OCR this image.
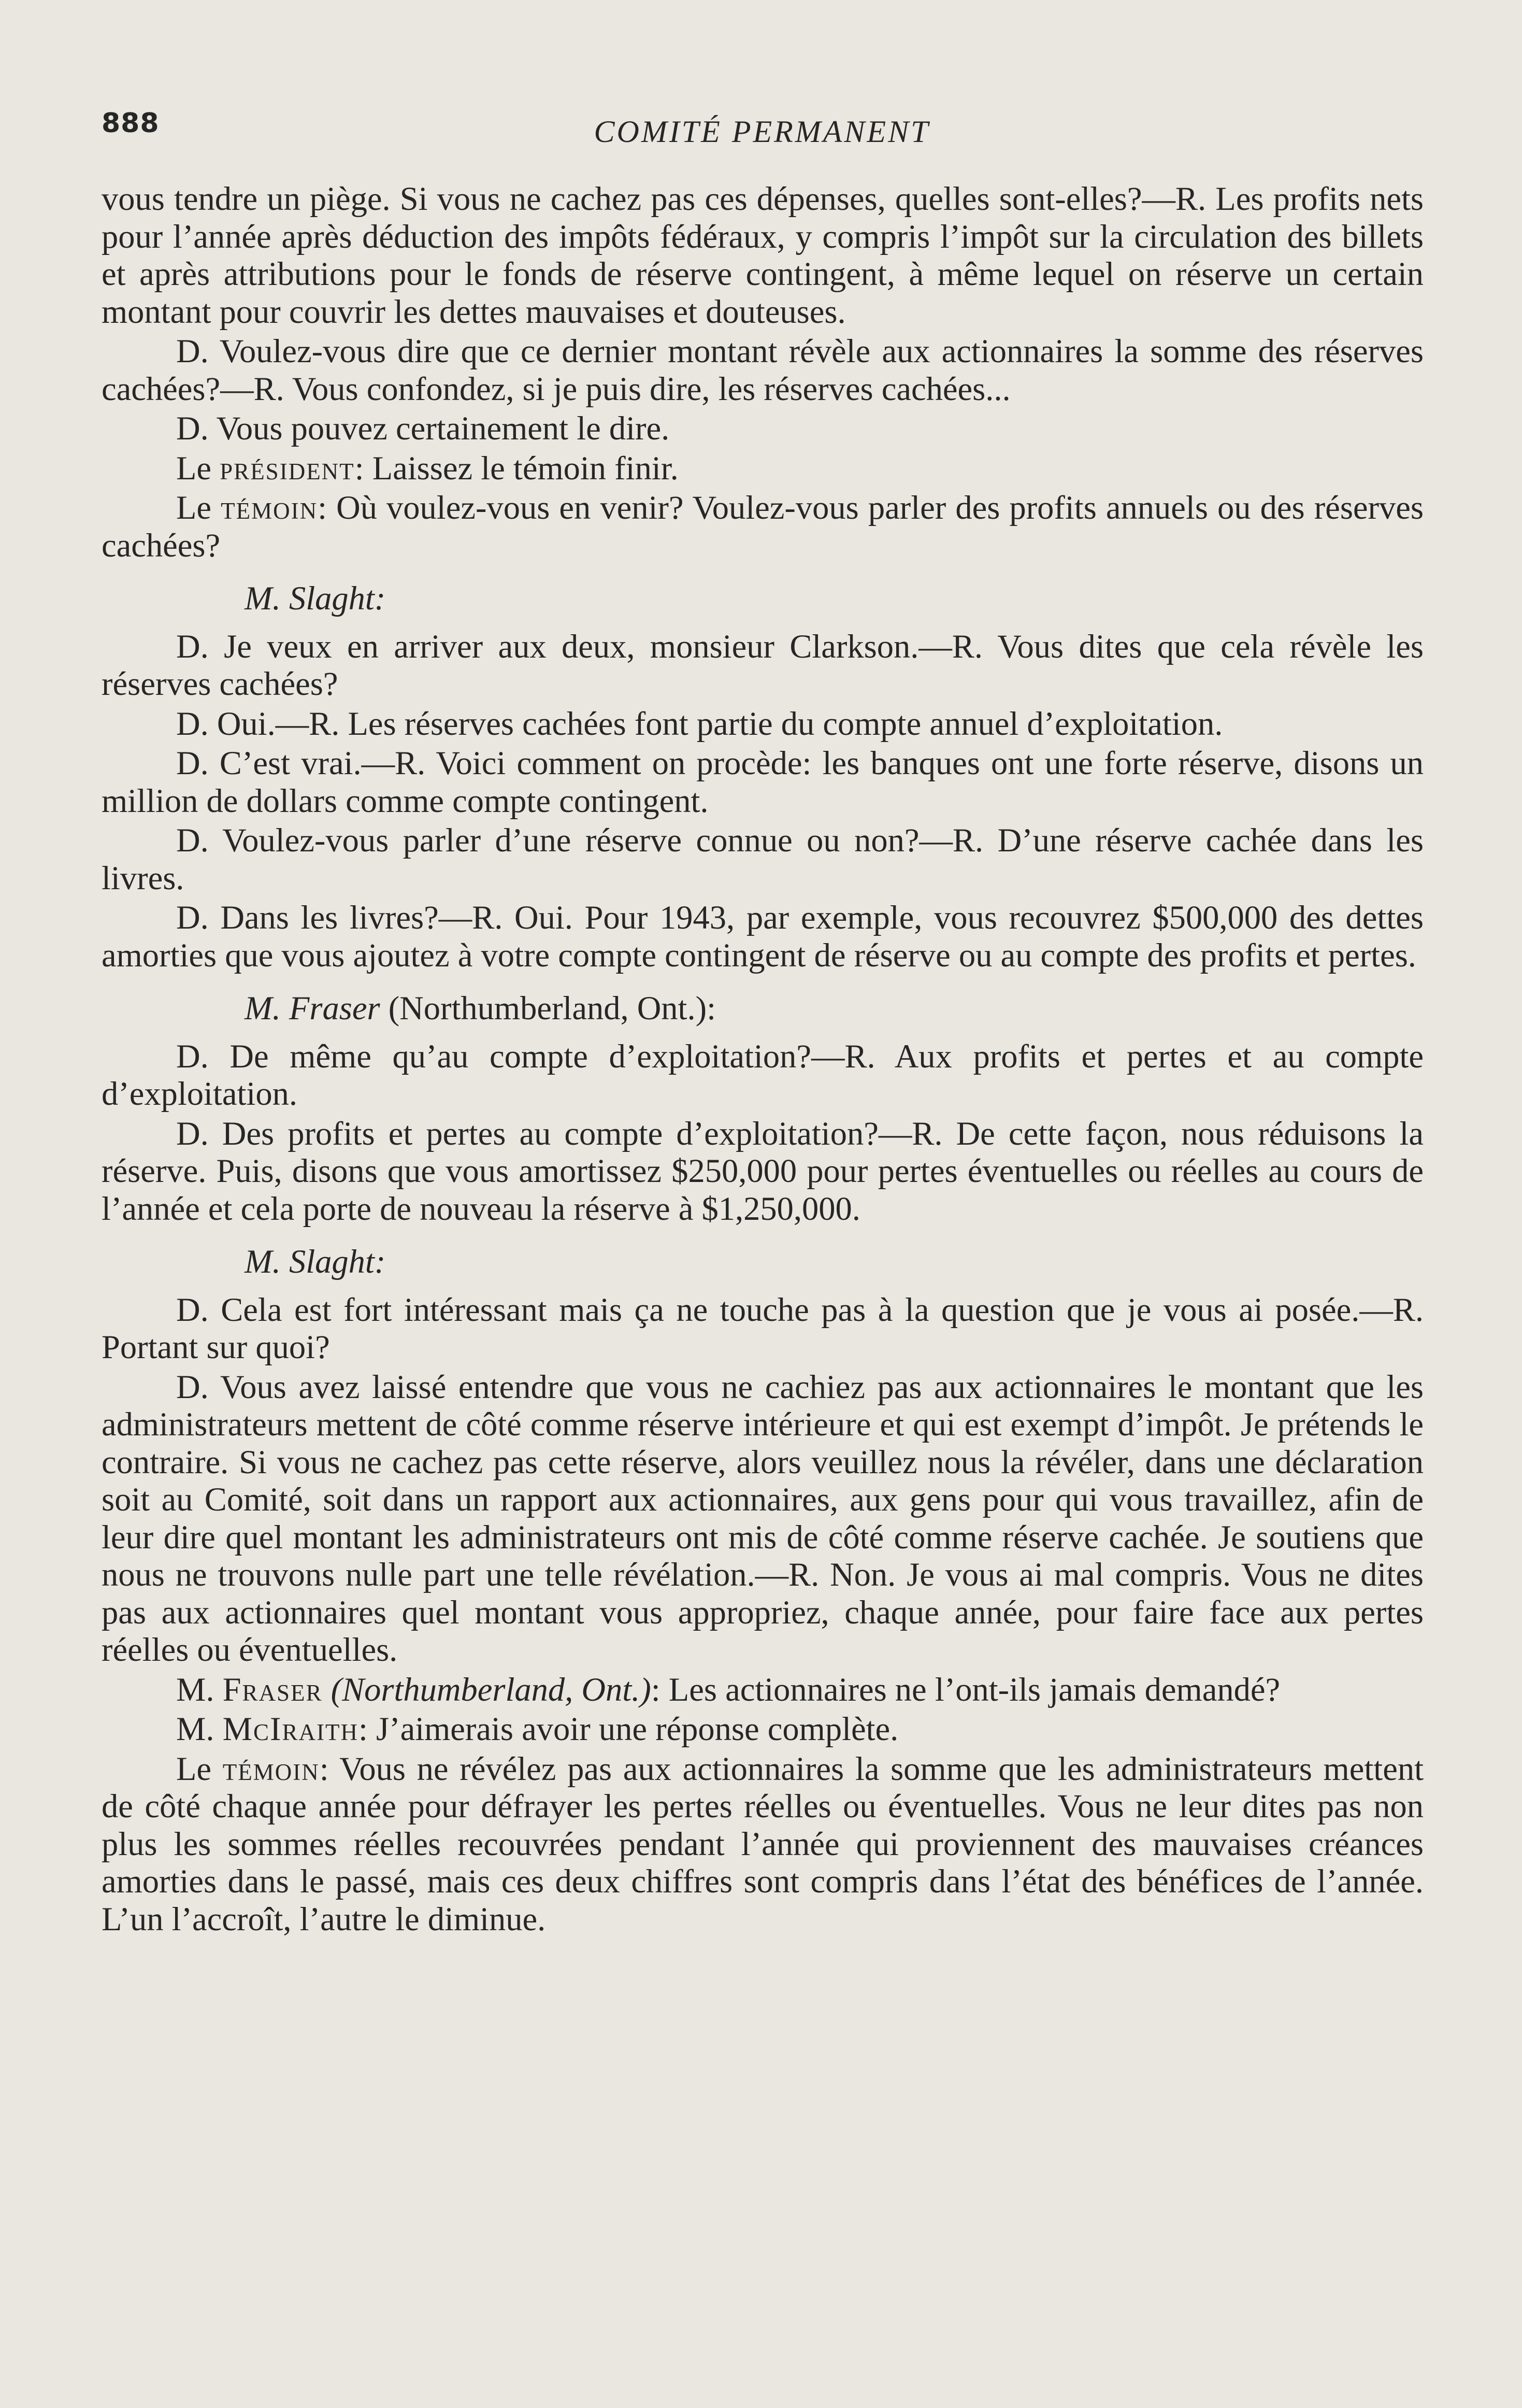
888	COMITÉ PERMANENT

vous tendre un piège. Si vous ne cachez pas ces dépenses, quelles sont-elles?—R. Les profits nets pour l’année après déduction des impôts fédéraux, y compris l’impôt sur la circulation des billets et après attributions pour le fonds de réserve contingent, à même lequel on réserve un certain montant pour couvrir les dettes mauvaises et douteuses.

D. Voulez-vous dire que ce dernier montant révèle aux actionnaires la somme des réserves cachées?—R. Vous confondez, si je puis dire, les réserves cachées...

D. Vous pouvez certainement le dire.

Le président: Laissez le témoin finir.

Le témoin: Où voulez-vous en venir? Voulez-vous parler des profits annuels ou des réserves cachées?

M. Slaght:

D. Je veux en arriver aux deux, monsieur Clarkson.—R. Vous dites que cela révèle les réserves cachées?

D. Oui.—R. Les réserves cachées font partie du compte annuel d’exploitation.

D. C’est vrai.—R. Voici comment on procède: les banques ont une forte réserve, disons un million de dollars comme compte contingent.

D. Voulez-vous parler d’une réserve connue ou non?—R. D’une réserve cachée dans les livres.

D. Dans les livres?—R. Oui. Pour 1943, par exemple, vous recouvrez $500,000 des dettes amorties que vous ajoutez à votre compte contingent de réserve ou au compte des profits et pertes.

M. Fraser (Northumberland, Ont.):

D. De même qu’au compte d’exploitation?—R. Aux profits et pertes et au compte d’exploitation.

D. Des profits et pertes au compte d’exploitation?—R. De cette façon, nous réduisons la réserve. Puis, disons que vous amortissez $250,000 pour pertes éventuelles ou réelles au cours de l’année et cela porte de nouveau la réserve à $1,250,000.

M. Slaght:

D. Cela est fort intéressant mais ça ne touche pas à la question que je vous ai posée.—R. Portant sur quoi?

D. Vous avez laissé entendre que vous ne cachiez pas aux actionnaires le montant que les administrateurs mettent de côté comme réserve intérieure et qui est exempt d’impôt. Je prétends le contraire. Si vous ne cachez pas cette réserve, alors veuillez nous la révéler, dans une déclaration soit au Comité, soit dans un rapport aux actionnaires, aux gens pour qui vous travaillez, afin de leur dire quel montant les administrateurs ont mis de côté comme réserve cachée. Je soutiens que nous ne trouvons nulle part une telle révélation.—R. Non. Je vous ai mal compris. Vous ne dites pas aux actionnaires quel montant vous appropriez, chaque année, pour faire face aux pertes réelles ou éventuelles.

M. Fraser (Northumberland, Ont.): Les actionnaires ne l’ont-ils jamais demandé?

M. McIraith: J’aimerais avoir une réponse complète.

Le témoin: Vous ne révélez pas aux actionnaires la somme que les administrateurs mettent de côté chaque année pour défrayer les pertes réelles ou éventuelles. Vous ne leur dites pas non plus les sommes réelles recouvrées pendant l’année qui proviennent des mauvaises créances amorties dans le passé, mais ces deux chiffres sont compris dans l’état des bénéfices de l’année. L’un l’accroît, l’autre le diminue.
